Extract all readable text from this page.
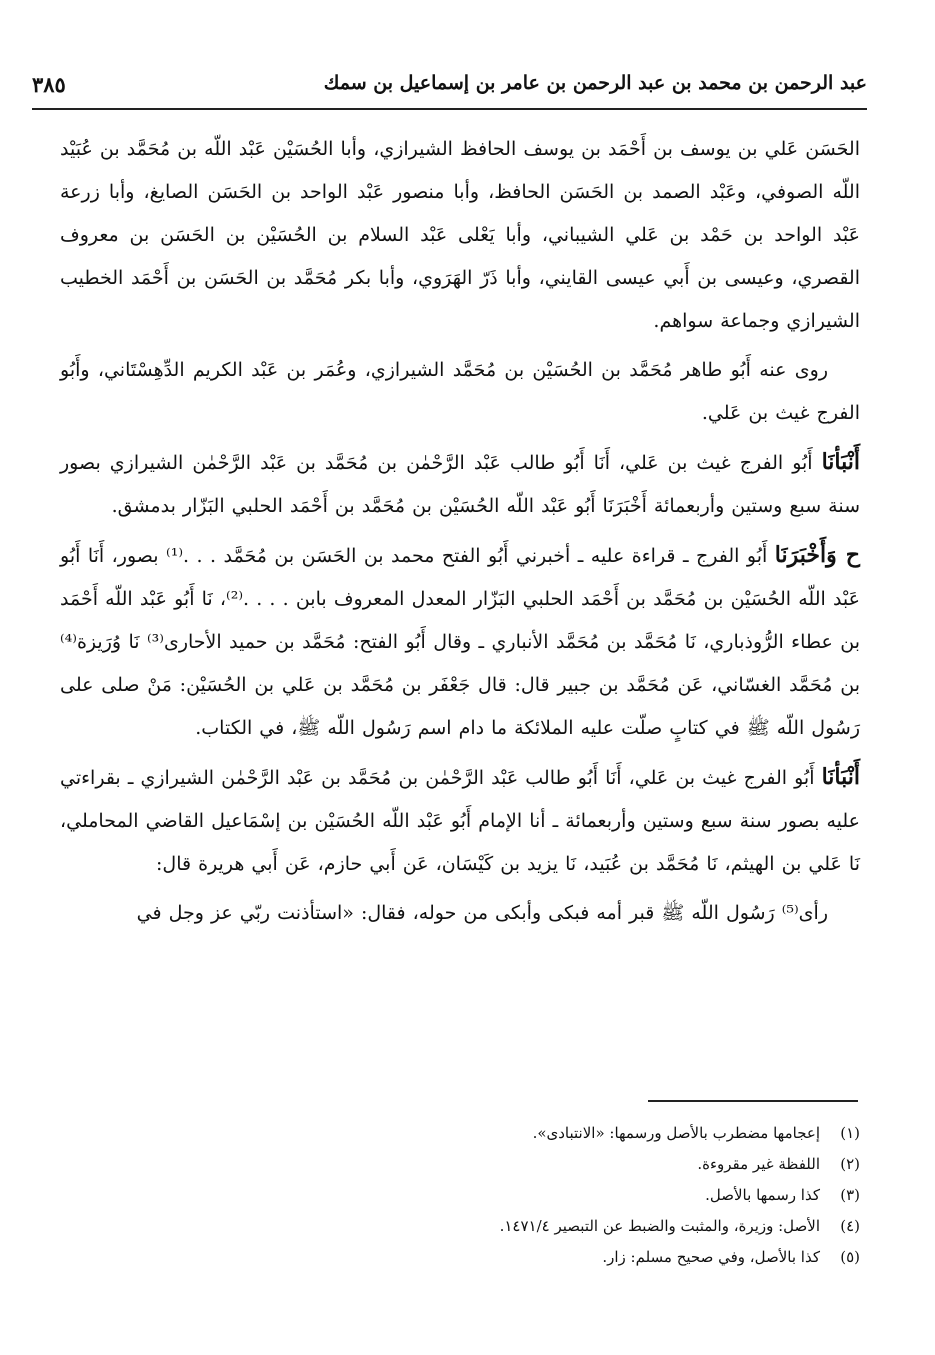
عبد الرحمن بن محمد بن عبد الرحمن بن عامر بن إسماعيل بن سمك
٣٨٥

الحَسَن عَلي بن يوسف بن أَحْمَد بن يوسف الحافظ الشيرازي، وأبا الحُسَيْن عَبْد اللّه بن مُحَمَّد بن عُبَيْد اللّه الصوفي، وعَبْد الصمد بن الحَسَن الحافظ، وأبا منصور عَبْد الواحد بن الحَسَن الصايغ، وأبا زرعة عَبْد الواحد بن حَمْد بن عَلي الشيباني، وأبا يَعْلى عَبْد السلام بن الحُسَيْن بن الحَسَن بن معروف القصري، وعيسى بن أَبي عيسى القايني، وأبا ذَرّ الهَرَوي، وأبا بكر مُحَمَّد بن الحَسَن بن أَحْمَد الخطيب الشيرازي وجماعة سواهم.

روى عنه أَبُو طاهر مُحَمَّد بن الحُسَيْن بن مُحَمَّد الشيرازي، وعُمَر بن عَبْد الكريم الدِّهِسْتَاني، وأَبُو الفرج غيث بن عَلي.

أَنْبَأنَا أَبُو الفرج غيث بن عَلي، أَنَا أَبُو طالب عَبْد الرَّحْمٰن بن مُحَمَّد بن عَبْد الرَّحْمٰن الشيرازي بصور سنة سبع وستين وأربعمائة أَخْبَرَنَا أَبُو عَبْد اللّه الحُسَيْن بن مُحَمَّد بن أَحْمَد الحلبي البَزّار بدمشق.

ح وَأَخْبَرَنَا أَبُو الفرج ـ قراءة عليه ـ أخبرني أَبُو الفتح محمد بن الحَسَن بن مُحَمَّد . . .⁽¹⁾ بصور، أَنَا أَبُو عَبْد اللّه الحُسَيْن بن مُحَمَّد بن أَحْمَد الحلبي البَزّار المعدل المعروف بابن . . . .⁽²⁾، نَا أَبُو عَبْد اللّه أَحْمَد بن عطاء الرُّوذباري، نَا مُحَمَّد بن مُحَمَّد الأنباري ـ وقال أَبُو الفتح: مُحَمَّد بن حميد الأحارى⁽³⁾ نَا وُرَيزة⁽⁴⁾ بن مُحَمَّد الغسّاني، عَن مُحَمَّد بن جبير قال: قال جَعْفَر بن مُحَمَّد بن عَلي بن الحُسَيْن: مَنْ صلى على رَسُول اللّه ﷺ في كتابٍ صلّت عليه الملائكة ما دام اسم رَسُول اللّه ﷺ، في الكتاب.

أَنْبَأنَا أَبُو الفرج غيث بن عَلي، أَنَا أَبُو طالب عَبْد الرَّحْمٰن بن مُحَمَّد بن عَبْد الرَّحْمٰن الشيرازي ـ بقراءتي عليه بصور سنة سبع وستين وأربعمائة ـ أنا الإمام أَبُو عَبْد اللّه الحُسَيْن بن إسْمَاعيل القاضي المحاملي، نَا عَلي بن الهيثم، نَا مُحَمَّد بن عُبَيد، نَا يزيد بن كَيْسَان، عَن أَبي حازم، عَن أَبي هريرة قال:

رأى⁽⁵⁾ رَسُول اللّه ﷺ قبر أمه فبكى وأبكى من حوله، فقال: «استأذنت ربّي عز وجل في

(١)
إعجامها مضطرب بالأصل ورسمها: «الانتبادى».
(٢)
اللفظة غير مقروءة.
(٣)
كذا رسمها بالأصل.
(٤)
الأصل: وزيرة، والمثبت والضبط عن التبصير ١٤٧١/٤.
(٥)
كذا بالأصل، وفي صحيح مسلم: زار.
